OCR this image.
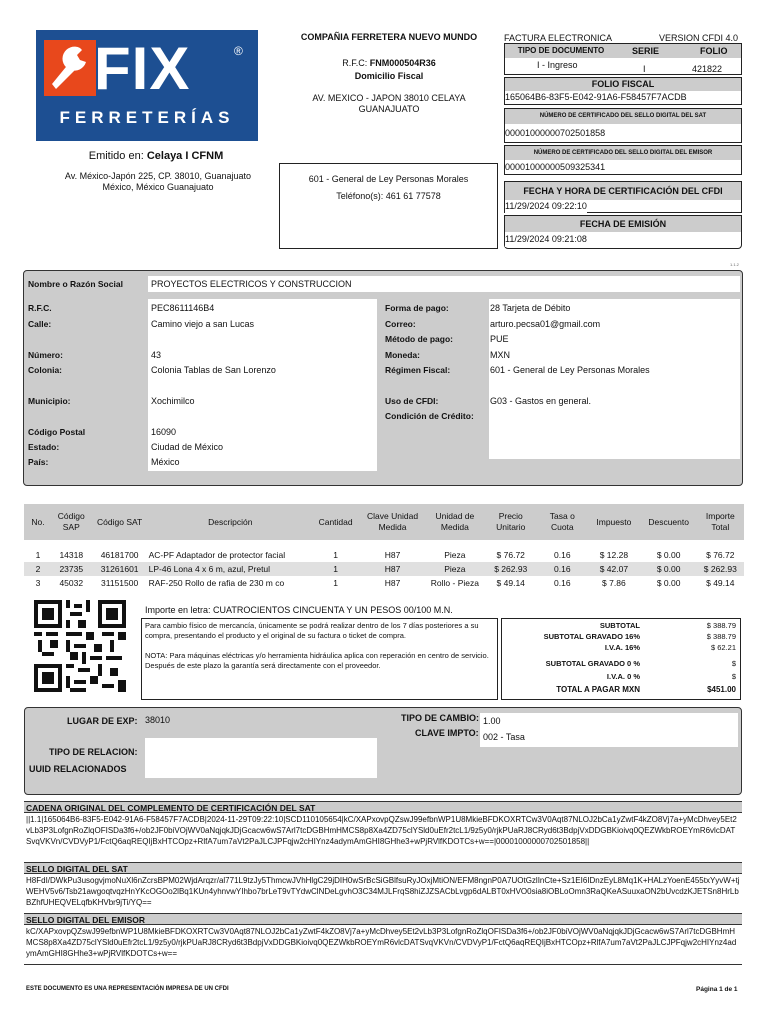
FIX	®
FERRETERÍAS
Emitido en: Celaya I CFNM
Av. México-Japón 225, CP. 38010, Guanajuato
México, México Guanajuato
COMPAÑIA FERRETERA NUEVO MUNDO
R.F.C: FNM000504R36
Domicilio Fiscal
AV. MEXICO - JAPON 38010 CELAYA
GUANAJUATO
601 - General de Ley Personas Morales
Teléfono(s): 461 61 77578
FACTURA ELECTRONICA	VERSION CFDI 4.0
TIPO DE DOCUMENTO	SERIE	FOLIO
I - Ingreso	I	421822
FOLIO FISCAL
165064B6-83F5-E042-91A6-F58457F7ACDB
NÚMERO DE CERTIFICADO DEL SELLO DIGITAL DEL SAT
00001000000702501858
NÚMERO DE CERTIFICADO DEL SELLO DIGITAL DEL EMISOR
00001000000509325341
FECHA Y HORA DE CERTIFICACIÓN DEL CFDI
11/29/2024 09:22:10
FECHA DE EMISIÓN
11/29/2024 09:21:08
1.1.2
Nombre o Razón Social	PROYECTOS ELECTRICOS Y CONSTRUCCION
R.F.C.	PEC8611146B4
Calle:	Camino viejo a san Lucas
Número:	43
Colonia:	Colonia Tablas de San Lorenzo
Municipio:	Xochimilco
Código Postal	16090
Estado:	Ciudad de México
País:	México
Forma de pago:	28 Tarjeta de Débito
Correo:	arturo.pecsa01@gmail.com
Método de pago:	PUE
Moneda:	MXN
Régimen Fiscal:	601 - General de Ley Personas Morales
Uso de CFDI:	G03 - Gastos en general.
Condición de Crédito:
No.	Código SAP	Código SAT	Descripción	Cantidad	Clave Unidad Medida	Unidad de Medida	Precio Unitario	Tasa o Cuota	Impuesto	Descuento	Importe Total

1	14318	46181700	AC-PF Adaptador de protector facial	1	H87	Pieza	$ 76.72	0.16	$ 12.28	$ 0.00	$ 76.72
2	23735	31261601	LP-46 Lona 4 x 6 m, azul, Pretul	1	H87	Pieza	$ 262.93	0.16	$ 42.07	$ 0.00	$ 262.93
3	45032	31151500	RAF-250 Rollo de rafia de 230 m co	1	H87	Rollo - Pieza	$ 49.14	0.16	$ 7.86	$ 0.00	$ 49.14
Importe en letra: CUATROCIENTOS CINCUENTA Y UN PESOS 00/100 M.N.
Para cambio físico de mercancía, únicamente se podrá realizar dentro de los 7 días posteriores a su compra, presentando el producto y el original de su factura o ticket de compra.
NOTA: Para máquinas eléctricas y/o herramienta hidráulica aplica con reperación en centro de servicio. Después de este plazo la garantía será directamente con el proveedor.
SUBTOTAL	$ 388.79
SUBTOTAL GRAVADO 16%	$ 388.79
I.V.A. 16%	$ 62.21
SUBTOTAL GRAVADO 0 %	$
I.V.A. 0 %	$
TOTAL A PAGAR MXN	$451.00
LUGAR DE EXP: 38010	TIPO DE CAMBIO: 1.00
CLAVE IMPTO: 002 - Tasa
TIPO DE RELACION:
UUID RELACIONADOS
CADENA ORIGINAL DEL COMPLEMENTO DE CERTIFICACIÓN DEL SAT
||1.1|165064B6-83F5-E042-91A6-F58457F7ACDB|2024-11-29T09:22:10|SCD110105654|kC/XAPxovpQZswJ99efbnWP1U8MkieBFDKOXRTCw3V0Aqt87NLOJ2bCa1yZwtF4kZO8Vj7a+yMcDhvey5Et2vLb3P3LofgnRoZlqOFISDa3f6+/ob2JF0biVOjWV0aNqjqkJDjGcacw6wS7Arl7tcDGBHmHMCS8p8Xa4ZD75clYSld0uEfr2tcL1/9z5y0/rjkPUaRJ8CRyd6t3BdpjVxDDGBKioivq0QEZWkbROEYmR6vlcDATSvqVKVn/CVDVyP1/FctQ6aqREQIjBxHTCOpz+RlfA7um7aVt2PaJLCJPFqjw2cHIYnz4adymAmGHI8GHhe3+wPjRVlfKDOTCs+w==|00001000000702501858||
SELLO DIGITAL DEL SAT
H8FdI/DWkPu3usogvjmoNuXl6nZcrsBPM02WjdArqzr/al771L9tzJy5ThmcwJVhHlgC29jDIH0wSrBcSiGBlfsuRyJOxjMtiON/EFM8ngnP0A7UOtGzlInCte+Sz1EI6IDnzEyL8Mq1K+HALzYoenE455txYyvW+tjWEHV5v6/Tsb21awgoqtvqzHnYKcOGOo2lBq1KUn4yhnvwYIhbo7brLeT9vTYdwClNDeLgvhO3C34MJLFrqS8hiZJZSACbLvgp6dALBT0xHVO0sia8iOBLoOmn3RaQKeASuuxaON2bUvcdzKJETSn8HrLbBZhfUHEQVELqfbKHVbr9jTi/YQ==
SELLO DIGITAL DEL EMISOR
kC/XAPxovpQZswJ99efbnWP1U8MkieBFDKOXRTCw3V0Aqt87NLOJ2bCa1yZwtF4kZO8Vj7a+yMcDhvey5Et2vLb3P3LofgnRoZlqOFISDa3f6+/ob2JF0biVOjWV0aNqjqkJDjGcacw6wS7Arl7tcDGBHmHMCS8p8Xa4ZD75clYSld0uEfr2tcL1/9z5y0/rjkPUaRJ8CRyd6t3BdpjVxDDGBKioivq0QEZWkbROEYmR6vlcDATSvqVKVn/CVDVyP1/FctQ6aqREQIjBxHTCOpz+RlfA7um7aVt2PaJLCJPFqjw2cHIYnz4adymAmGHI8GHhe3+wPjRVlfKDOTCs+w==
ESTE DOCUMENTO ES UNA REPRESENTACIÓN IMPRESA DE UN CFDI	Página 1 de 1
